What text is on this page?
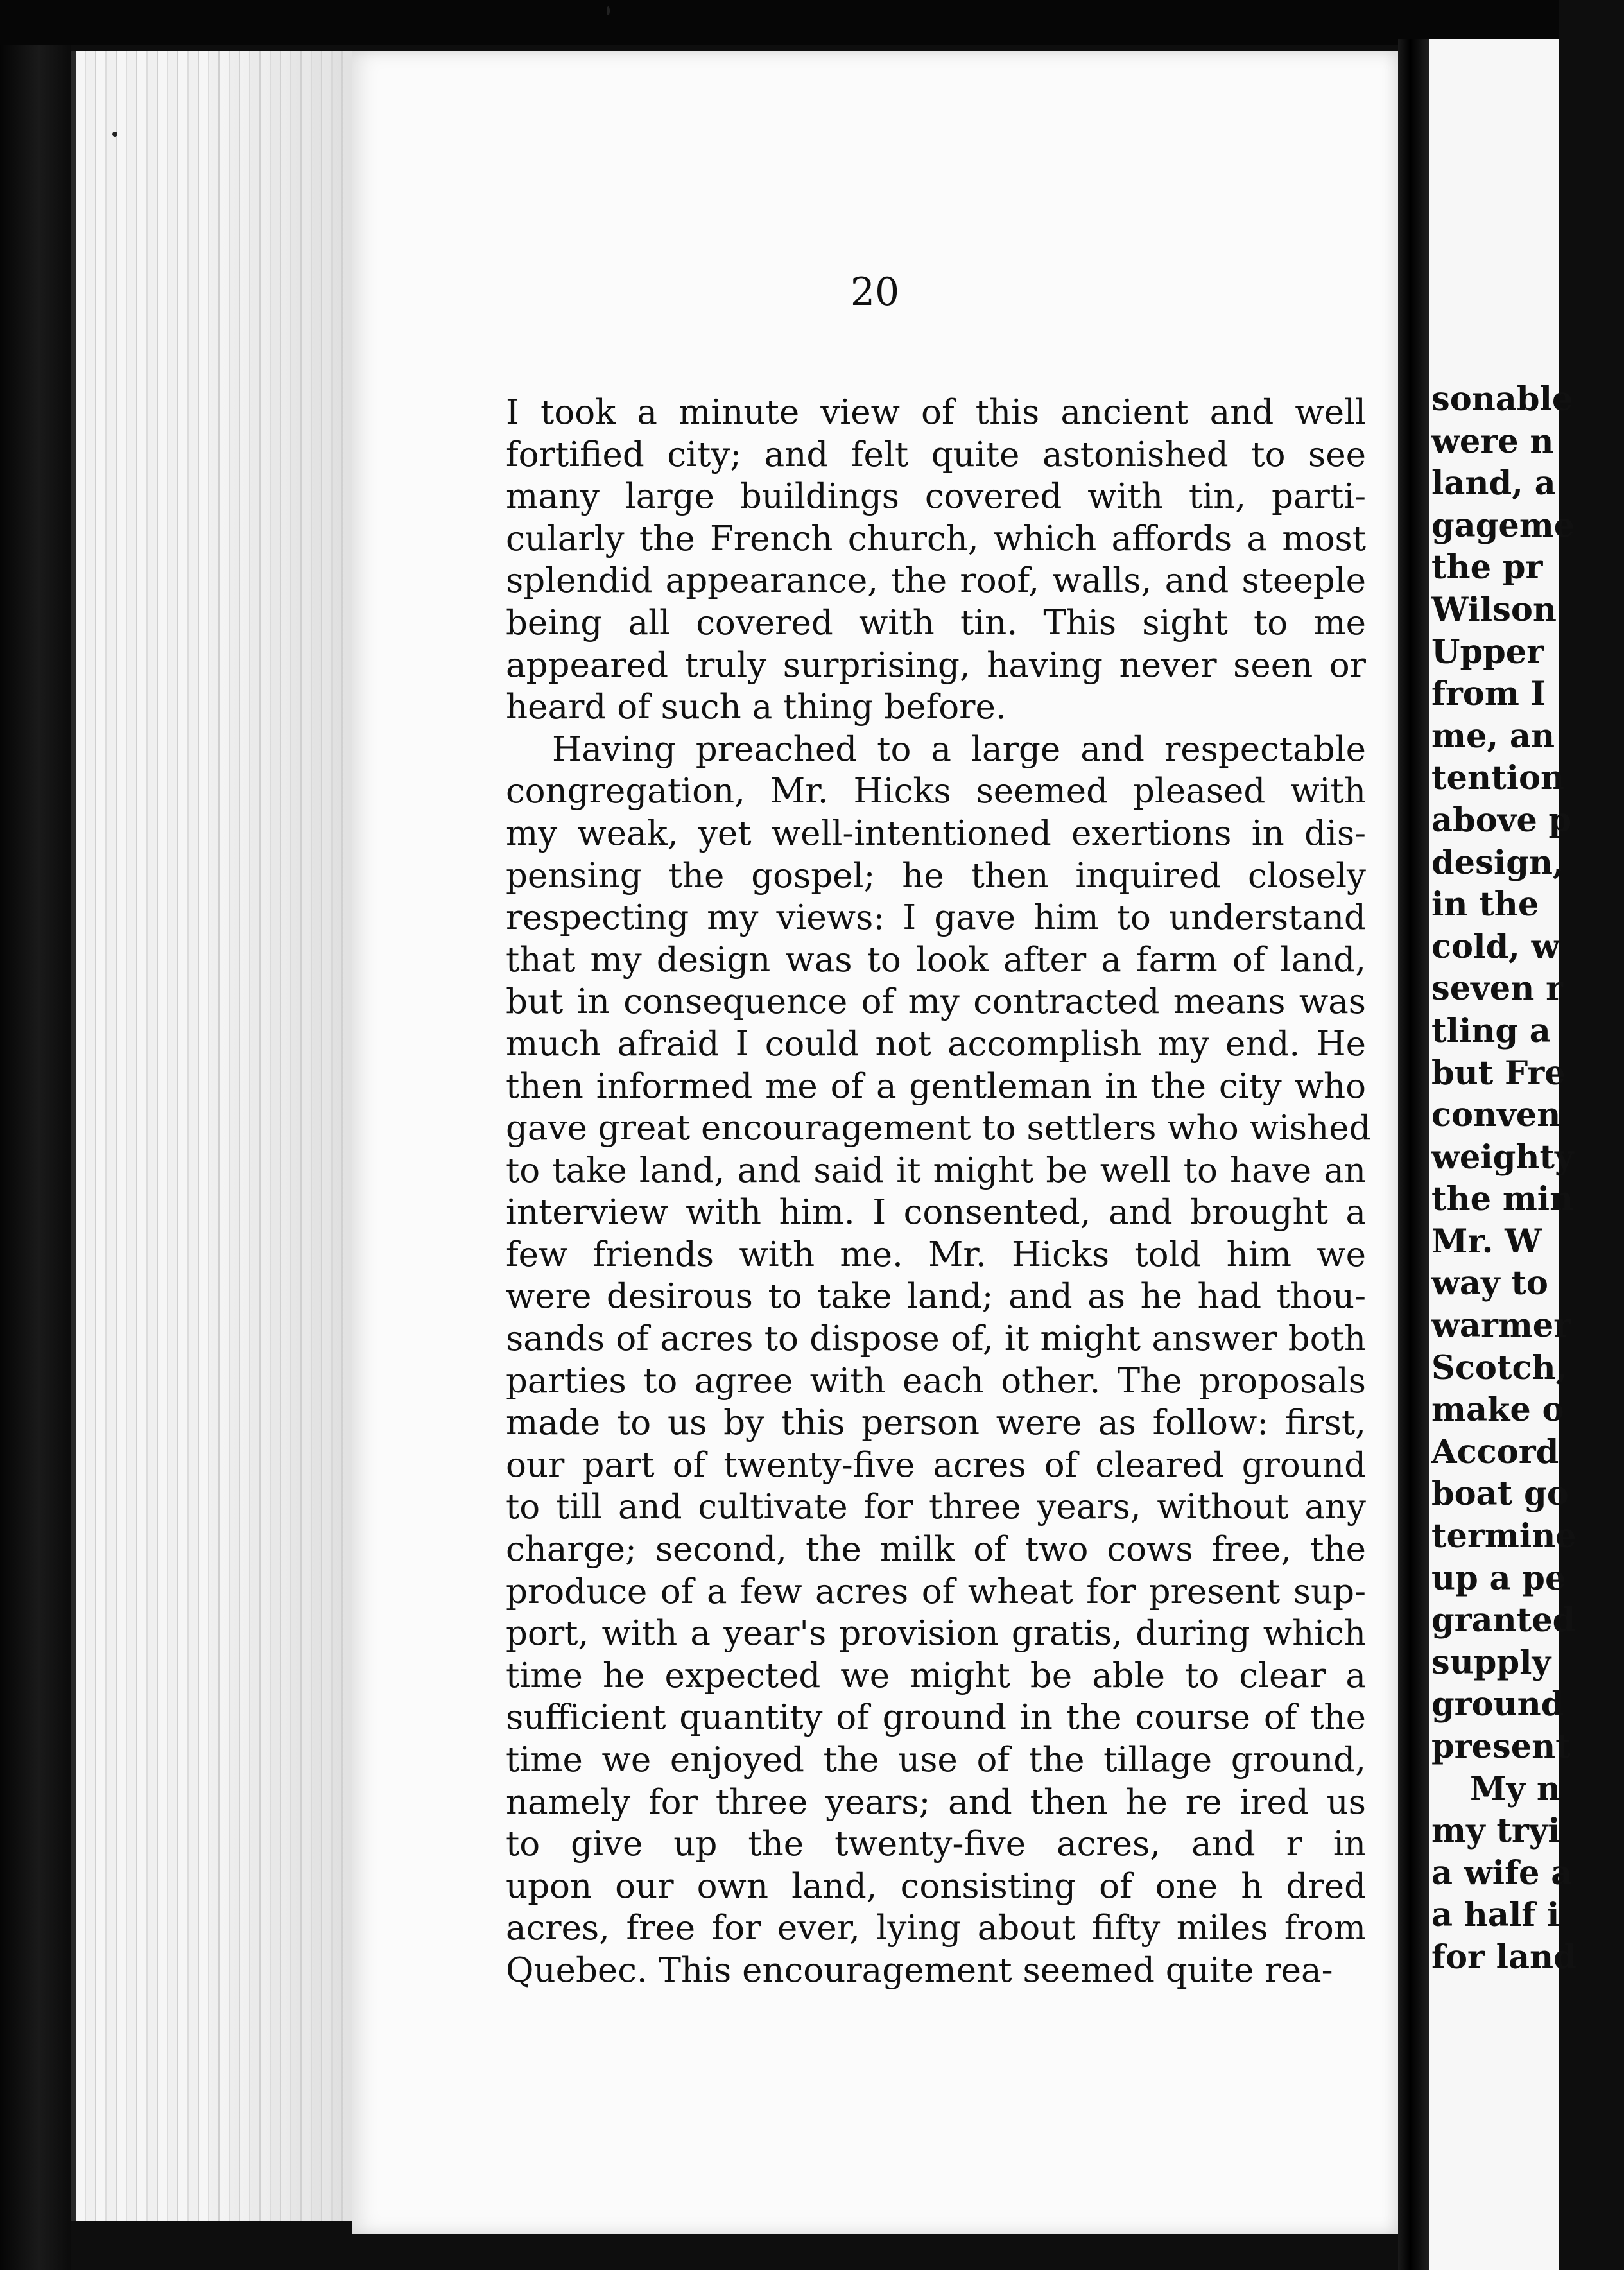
20
I took a minute view of this ancient and well
fortified city; and felt quite astonished to see
many large buildings covered with tin, parti-
cularly the French church, which affords a most
splendid appearance, the roof, walls, and steeple
being all covered with tin. This sight to me
appeared truly surprising, having never seen or
heard of such a thing before.
Having preached to a large and respectable
congregation, Mr. Hicks seemed pleased with
my weak, yet well-intentioned exertions in dis-
pensing the gospel; he then inquired closely
respecting my views: I gave him to understand
that my design was to look after a farm of land,
but in consequence of my contracted means was
much afraid I could not accomplish my end. He
then informed me of a gentleman in the city who
gave great encouragement to settlers who wished
to take land, and said it might be well to have an
interview with him. I consented, and brought a
few friends with me. Mr. Hicks told him we
were desirous to take land; and as he had thou-
sands of acres to dispose of, it might answer both
parties to agree with each other. The proposals
made to us by this person were as follow: first,
our part of twenty-five acres of cleared ground
to till and cultivate for three years, without any
charge; second, the milk of two cows free, the
produce of a few acres of wheat for present sup-
port, with a year's provision gratis, during which
time he expected we might be able to clear a
sufficient quantity of ground in the course of the
time we enjoyed the use of the tillage ground,
namely for three years; and then he re ired us
to give up the twenty-five acres, and r in
upon our own land, consisting of one h dred
acres, free for ever, lying about fifty miles from
Quebec. This encouragement seemed quite rea-
sonable
were n
land, a
gageme
the pr
Wilson
Upper
from I
me, an
tention
above p
design,
in the
cold, w
seven r
tling a
but Fre
conven
weighty
the min
Mr. W
way to
warmer
Scotch,
make o
Accord
boat go
termine
up a pe
granted
supply
ground
present
My n
my tryi
a wife a
a half i
for land
